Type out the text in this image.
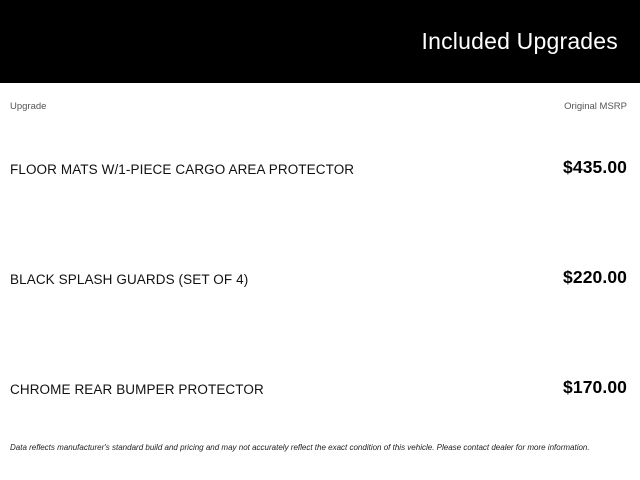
Included Upgrades
Upgrade	Original MSRP
FLOOR MATS W/1-PIECE CARGO AREA PROTECTOR	$435.00
BLACK SPLASH GUARDS (SET OF 4)	$220.00
CHROME REAR BUMPER PROTECTOR	$170.00
Data reflects manufacturer's standard build and pricing and may not accurately reflect the exact condition of this vehicle. Please contact dealer for more information.
